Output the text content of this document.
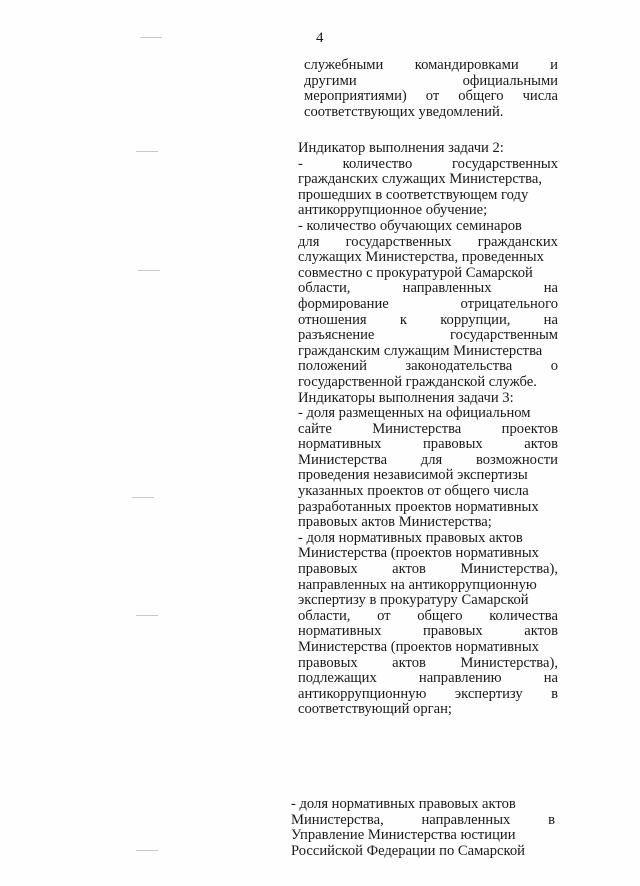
4
служебными командировками и
другими	официальными
мероприятиями) от общего числа
соответствующих уведомлений.
Индикатор выполнения задачи 2:
-	количество	государственных
гражданских служащих Министерства,
прошедших в соответствующем году
антикоррупционное обучение;
- количество обучающих семинаров
для государственных гражданских
служащих Министерства, проведенных
совместно с прокуратурой Самарской
области,	направленных	на
формирование	отрицательного
отношения к коррупции, на
разъяснение	государственным
гражданским служащим Министерства
положений	законодательства	о
государственной гражданской службе.
Индикаторы выполнения задачи 3:
- доля размещенных на официальном
сайте	Министерства	проектов
нормативных	правовых	актов
Министерства для возможности
проведения независимой экспертизы
указанных проектов от общего числа
разработанных проектов нормативных
правовых актов Министерства;
- доля нормативных правовых актов
Министерства (проектов нормативных
правовых актов Министерства),
направленных на антикоррупционную
экспертизу в прокуратуру Самарской
области, от общего количества
нормативных	правовых	актов
Министерства (проектов нормативных
правовых актов Министерства),
подлежащих	направлению	на
антикоррупционную экспертизу в
соответствующий орган;
- доля нормативных правовых актов
Министерства,	направленных	в
Управление Министерства юстиции
Российской Федерации по Самарской
